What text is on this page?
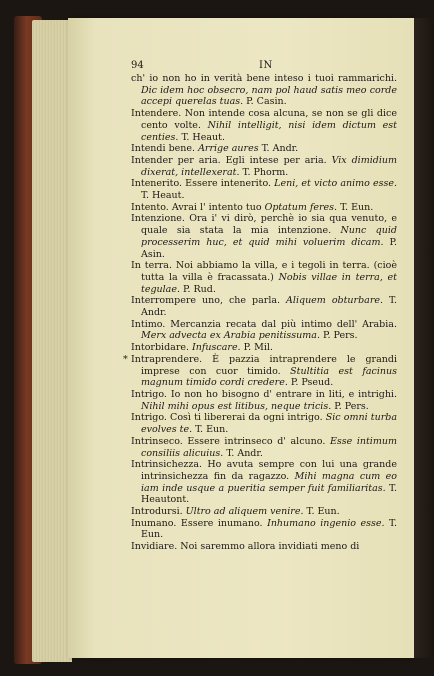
94	IN

ch' io non ho in verità bene inteso i tuoi rammarichi. Dic idem hoc obsecro, nam pol haud satis meo corde accepi querelas tuas. P. Casin.

Intendere. Non intende cosa alcuna, se non se gli dice cento volte. Nihil intelligit, nisi idem dictum est centies. T. Heaut.

Intendi bene. Arrige aures T. Andr.

Intender per aria. Egli intese per aria. Vix dimidium dixerat, intellexerat. T. Phorm.

Intenerito. Essere intenerito. Leni, et victo animo esse. T. Heaut.

Intento. Avrai l' intento tuo Optatum feres. T. Eun.

Intenzione. Ora i' vi dirò, perchè io sia qua venuto, e quale sia stata la mia intenzione. Nunc quid processerim huc, et quid mihi voluerim dicam. P. Asin.

In terra. Noi abbiamo la villa, e i tegoli in terra. (cioè tutta la villa è fracassata.) Nobis villae in terra, et tegulae. P. Rud.

Interrompere uno, che parla. Aliquem obturbare. T. Andr.

Intimo. Mercanzia recata dal più intimo dell' Arabia. Merx advecta ex Arabia penitissuma. P. Pers.

Intorbidare. Infuscare. P. Mil.

* Intraprendere. È pazzia intraprendere le grandi imprese con cuor timido. Stultitia est facinus magnum timido cordi credere. P. Pseud.

Intrigo. Io non ho bisogno d' entrare in liti, e intrighi. Nihil mihi opus est litibus, neque tricis. P. Pers.

Intrigo. Così ti libererai da ogni intrigo. Sic omni turba evolves te. T. Eun.

Intrinseco. Essere intrinseco d' alcuno. Esse intimum consiliis alicuius. T. Andr.

Intrinsichezza. Ho avuta sempre con lui una grande intrinsichezza fin da ragazzo. Mihi magna cum eo iam inde usque a pueritia semper fuit familiaritas. T. Heautont.

Introdursi. Ultro ad aliquem venire. T. Eun.

Inumano. Essere inumano. Inhumano ingenio esse. T. Eun.

Invidiare. Noi saremmo allora invidiati meno di
